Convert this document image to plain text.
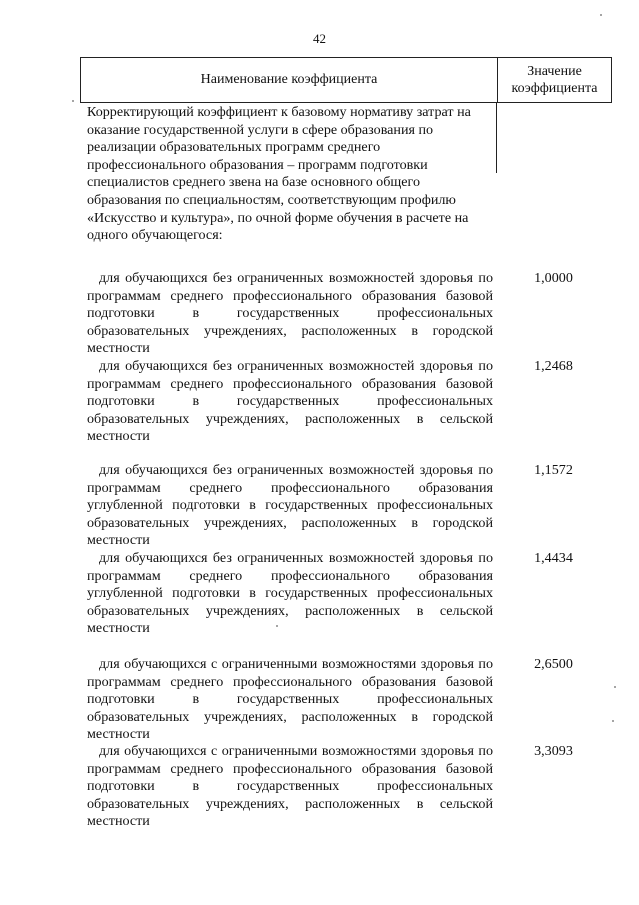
42
Наименование коэффициента
Значение
коэффициента
Корректирующий коэффициент к базовому нормативу затрат на оказание государственной услуги в сфере образования по реализации образовательных программ среднего профессионального образования – программ подготовки специалистов среднего звена на базе основного общего образования по специальностям, соответствующим профилю «Искусство и культура», по очной форме обучения в расчете на одного обучающегося:
для обучающихся без ограниченных возможностей здоровья по программам среднего профессионального образования базовой подготовки в государственных профессиональных образовательных учреждениях, расположенных в городской местности
1,0000
для обучающихся без ограниченных возможностей здоровья по программам среднего профессионального образования базовой подготовки в государственных профессиональных образовательных учреждениях, расположенных в сельской местности
1,2468
для обучающихся без ограниченных возможностей здоровья по программам среднего профессионального образования углубленной подготовки в государственных профессиональных образовательных учреждениях, расположенных в городской местности
1,1572
для обучающихся без ограниченных возможностей здоровья по программам среднего профессионального образования углубленной подготовки в государственных профессиональных образовательных учреждениях, расположенных в сельской местности
1,4434
для обучающихся с ограниченными возможностями здоровья по программам среднего профессионального образования базовой подготовки в государственных профессиональных образовательных учреждениях, расположенных в городской местности
2,6500
для обучающихся с ограниченными возможностями здоровья по программам среднего профессионального образования базовой подготовки в государственных профессиональных образовательных учреждениях, расположенных в сельской местности
3,3093
